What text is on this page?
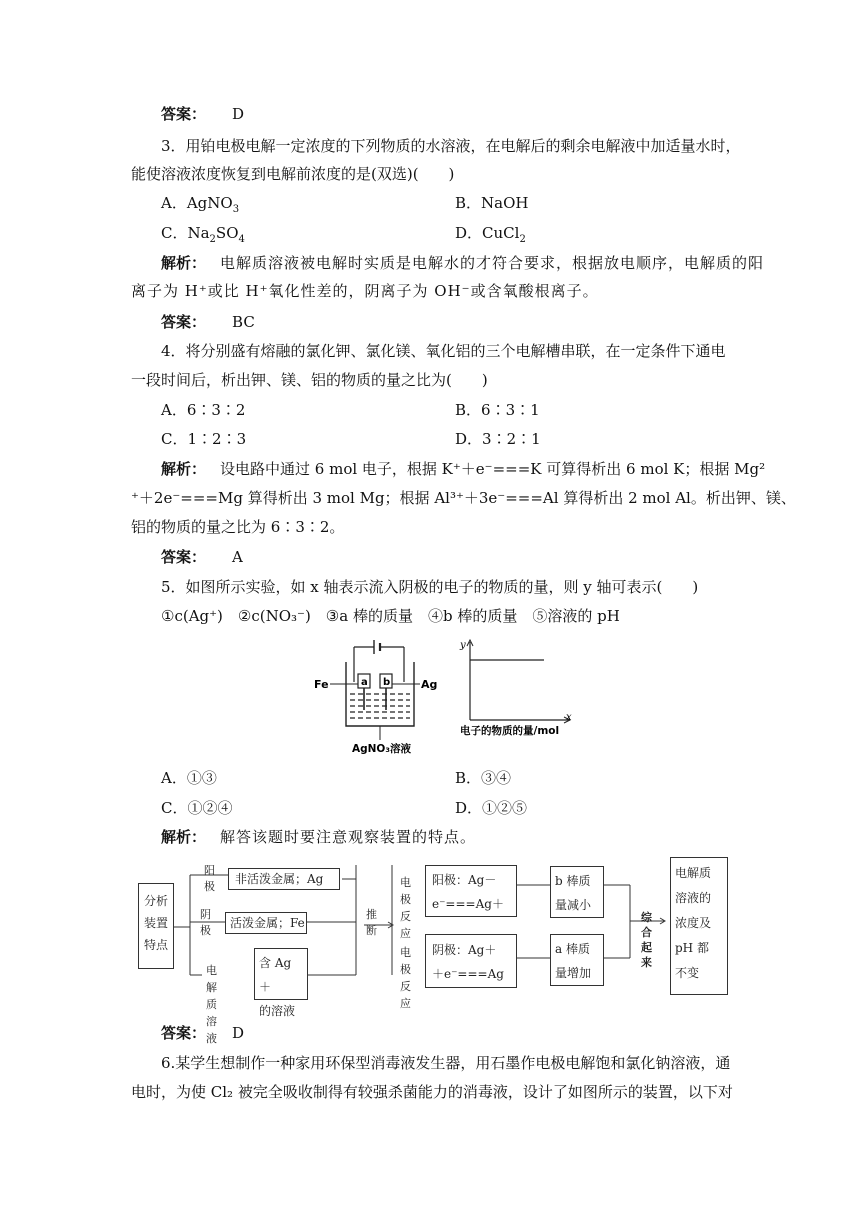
答案： D
3．用铂电极电解一定浓度的下列物质的水溶液，在电解后的剩余电解液中加适量水时，
能使溶液浓度恢复到电解前浓度的是(双选)(　　)
A．AgNO$_3$	B．NaOH
C．$Na_2SO_4$	D．CuCl$_2$
解析： 电解质溶液被电解时实质是电解水的才符合要求，根据放电顺序，电解质的阳
离子为 H⁺或比 H⁺氧化性差的，阴离子为 OH⁻或含氧酸根离子。
答案： BC
4．将分别盛有熔融的氯化钾、氯化镁、氧化铝的三个电解槽串联，在一定条件下通电
一段时间后，析出钾、镁、铝的物质的量之比为(　　)
A．6∶3∶2	B．6∶3∶1
C．1∶2∶3	D．3∶2∶1
解析： 设电路中通过 6 mol 电子，根据 K⁺＋e⁻===K 可算得析出 6 mol K；根据 Mg²
⁺＋2e⁻===Mg 算得析出 3 mol Mg；根据 Al³⁺＋3e⁻===Al 算得析出 2 mol Al。析出钾、镁、
铝的物质的量之比为 6∶3∶2。
答案： A
5．如图所示实验，如 x 轴表示流入阴极的电子的物质的量，则 y 轴可表示(　　)
①c(Ag⁺)　②c(NO₃⁻)　③a 棒的质量　④b 棒的质量　⑤溶液的 pH
Fe	Ag
a b
AgNO₃溶液
y
x
电子的物质的量/mol
A．①③	B．③④
C．①②④	D．①②⑤
解析： 解答该题时要注意观察装置的特点。
分析
装置
特点
阳极
非活泼金属；Ag
阴极
活泼金属；Fe
电解质
溶液
含 Ag＋
的溶液
推断
电极
反应
阳极：Ag－
e⁻===Ag＋
电极
反应
阴极：Ag＋
＋e⁻===Ag
b 棒质
量减小
a 棒质
量增加
综合
起来
电解质
溶液的
浓度及
pH 都
不变
答案： D
6.某学生想制作一种家用环保型消毒液发生器，用石墨作电极电解饱和氯化钠溶液，通
电时，为使 Cl₂ 被完全吸收制得有较强杀菌能力的消毒液，设计了如图所示的装置，以下对
